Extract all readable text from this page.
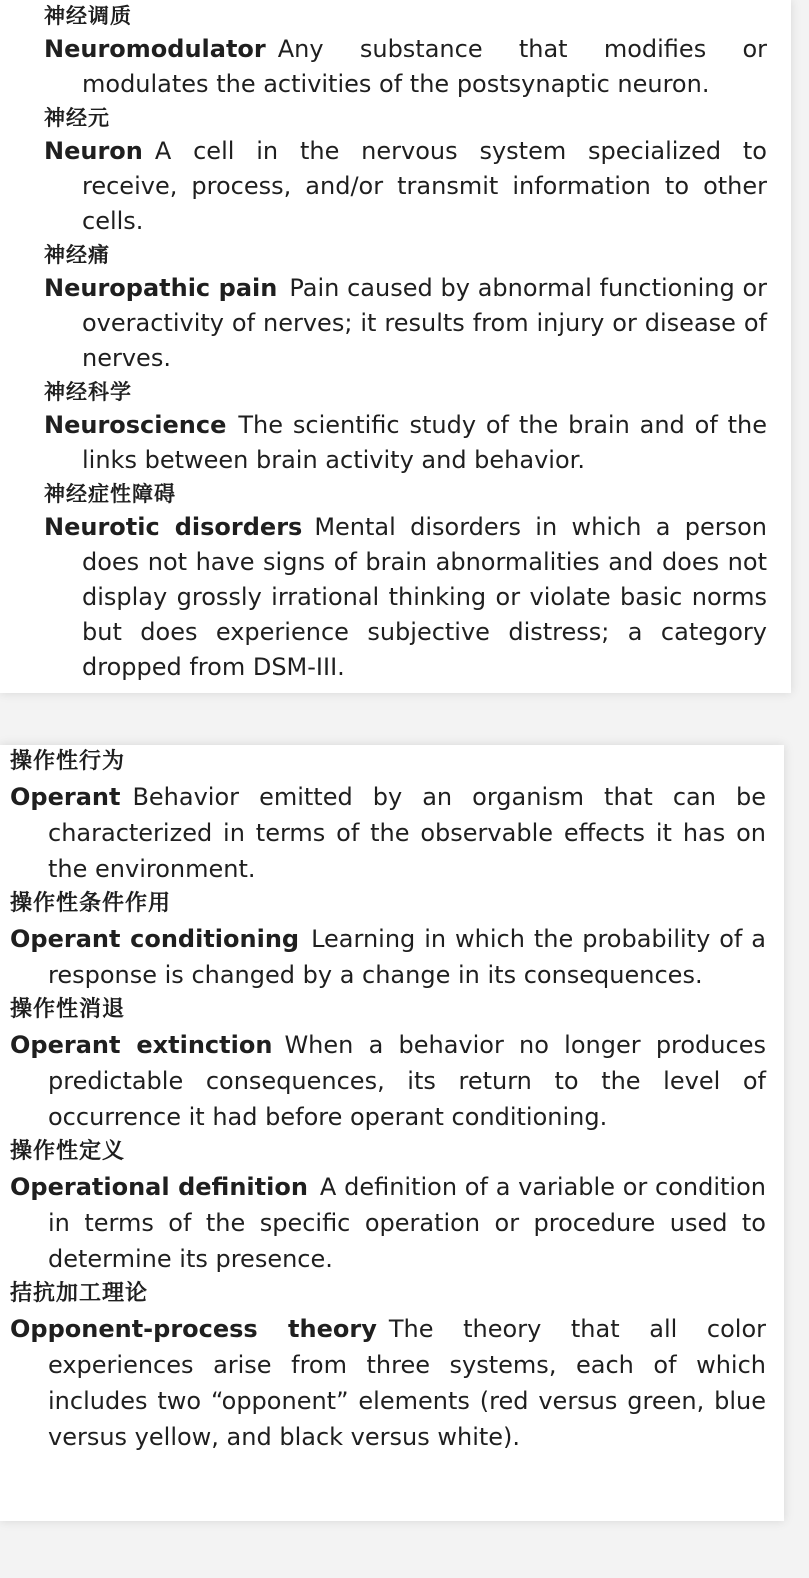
神经调质

Neuromodulator Any substance that modifies or modulates the activities of the postsynaptic neuron.

神经元

Neuron A cell in the nervous system specialized to receive, process, and/or transmit information to other cells.

神经痛

Neuropathic pain Pain caused by abnormal functioning or overactivity of nerves; it results from injury or disease of nerves.

神经科学

Neuroscience The scientific study of the brain and of the links between brain activity and behavior.

神经症性障碍

Neurotic disorders Mental disorders in which a person does not have signs of brain abnormalities and does not display grossly irrational thinking or violate basic norms but does experience subjective distress; a category dropped from DSM-III.

操作性行为

Operant Behavior emitted by an organism that can be characterized in terms of the observable effects it has on the environment.

操作性条件作用

Operant conditioning Learning in which the probability of a response is changed by a change in its consequences.

操作性消退

Operant extinction When a behavior no longer produces predictable consequences, its return to the level of occurrence it had before operant conditioning.

操作性定义

Operational definition A definition of a variable or condition in terms of the specific operation or procedure used to determine its presence.

拮抗加工理论

Opponent-process theory The theory that all color experiences arise from three systems, each of which includes two “opponent” elements (red versus green, blue versus yellow, and black versus white).
